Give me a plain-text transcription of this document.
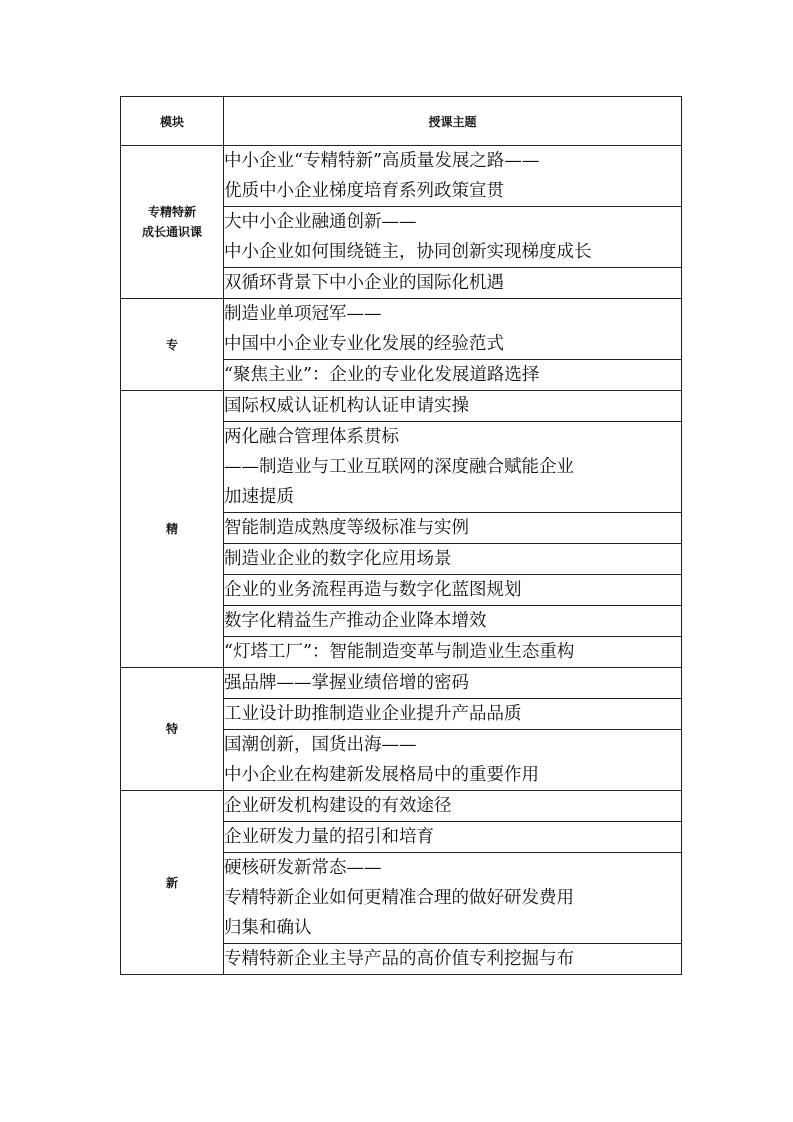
模块	授课主题

专精特新
成长通识课	中小企业“专精特新”高质量发展之路——
优质中小企业梯度培育系列政策宣贯

	大中小企业融通创新——
中小企业如何围绕链主，协同创新实现梯度成长

	双循环背景下中小企业的国际化机遇

专	制造业单项冠军——
中国中小企业专业化发展的经验范式

	“聚焦主业”：企业的专业化发展道路选择

精	国际权威认证机构认证申请实操

	两化融合管理体系贯标
——制造业与工业互联网的深度融合赋能企业
加速提质

	智能制造成熟度等级标准与实例

	制造业企业的数字化应用场景

	企业的业务流程再造与数字化蓝图规划

	数字化精益生产推动企业降本增效

	“灯塔工厂”：智能制造变革与制造业生态重构

特	强品牌——掌握业绩倍增的密码

	工业设计助推制造业企业提升产品品质

	国潮创新，国货出海——
中小企业在构建新发展格局中的重要作用

新	企业研发机构建设的有效途径

	企业研发力量的招引和培育

	硬核研发新常态——
专精特新企业如何更精准合理的做好研发费用
归集和确认

	专精特新企业主导产品的高价值专利挖掘与布
